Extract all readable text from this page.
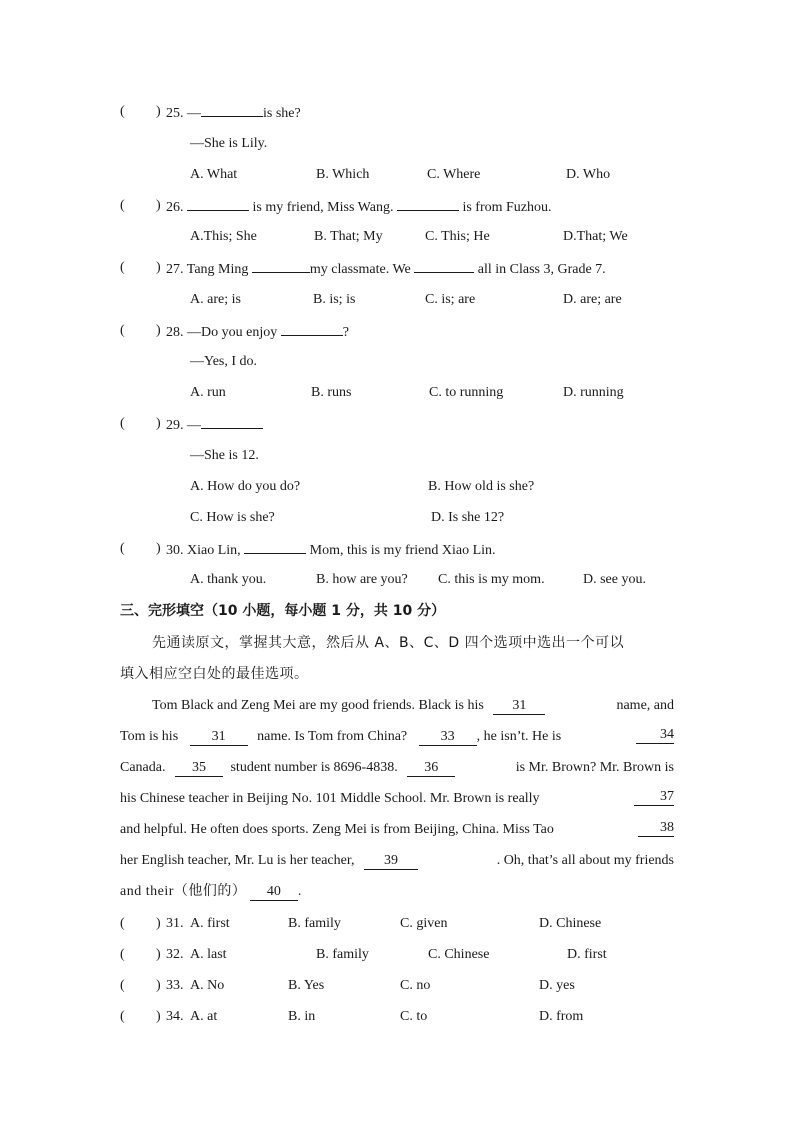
( ) 25. —	is she?
—She is Lily.
A. What	B. Which	C. Where	D. Who
( ) 26.	is my friend, Miss Wang.	is from Fuzhou.
A.This; She	B. That; My	C. This; He	D.That; We
( ) 27. Tang Ming	my classmate. We	all in Class 3, Grade 7.
A. are; is	B. is; is	C. is; are	D. are; are
( ) 28. —Do you enjoy	?
—Yes, I do.
A. run	B. runs	C. to running	D. running
( ) 29. —
—She is 12.
A. How do you do?	B. How old is she?
C. How is she?	D. Is she 12?
( ) 30. Xiao Lin,	Mom, this is my friend Xiao Lin.
A. thank you.	B. how are you? C. this is my mom.	D. see you.
三、完形填空（10 小题，每小题 1 分，共 10 分）
先通读原文，掌握其大意，然后从 A、B、C、D 四个选项中选出一个可以
填入相应空白处的最佳选项。
Tom Black and Zeng Mei are my good friends. Black is his 31	name, and
Tom is his 31 name. Is Tom from China? 33 , he isn’t. He is	34
Canada. 35 student number is 8696-4838. 36	is Mr. Brown? Mr. Brown is
his Chinese teacher in Beijing No. 101 Middle School. Mr. Brown is really	37
and helpful. He often does sports. Zeng Mei is from Beijing, China. Miss Tao	38
her English teacher, Mr. Lu is her teacher, 39	. Oh, that’s all about my friends
and their（他们的） 40 .
( ) 31. A. first	B. family	C. given	D. Chinese
( ) 32. A. last	B. family	C. Chinese	D. first
( ) 33. A. No	B. Yes	C. no	D. yes
( ) 34. A. at	B. in	C. to	D. from
